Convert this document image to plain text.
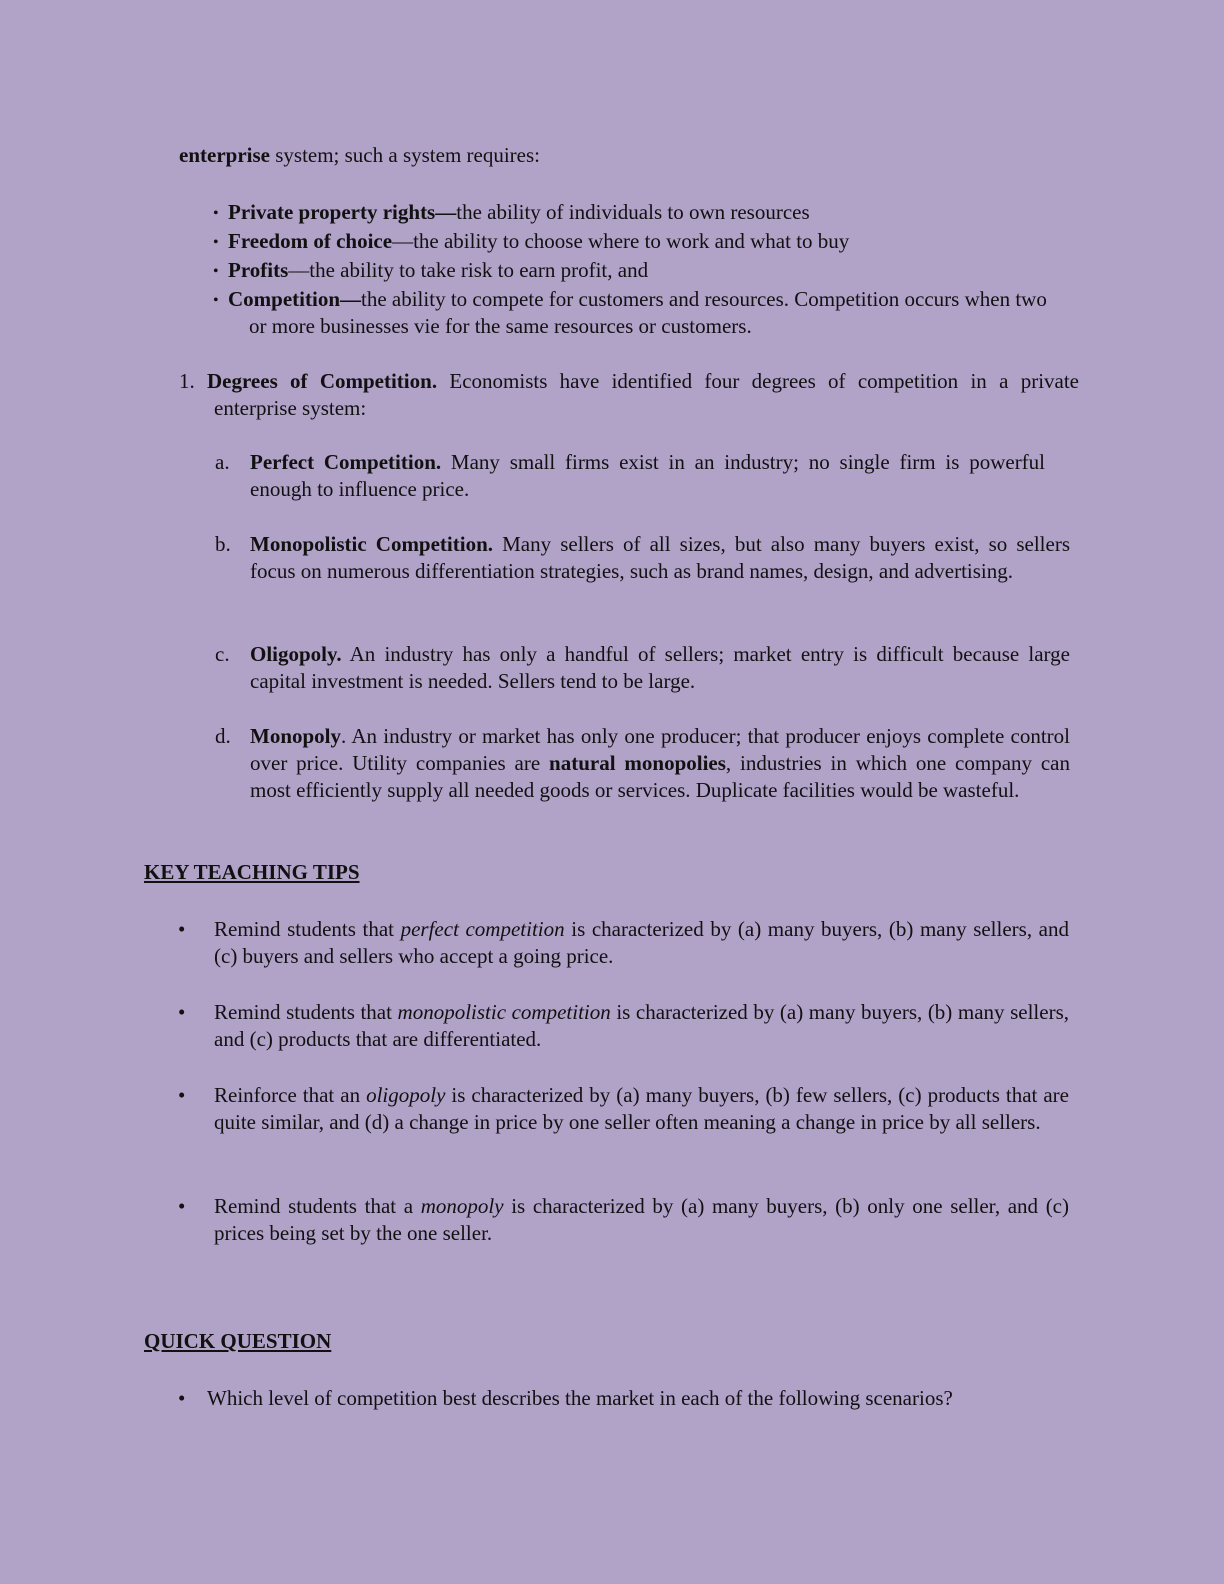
enterprise system; such a system requires:

• Private property rights—the ability of individuals to own resources
• Freedom of choice—the ability to choose where to work and what to buy
• Profits—the ability to take risk to earn profit, and
• Competition—the ability to compete for customers and resources. Competition occurs when two or more businesses vie for the same resources or customers.
1. Degrees of Competition. Economists have identified four degrees of competition in a private enterprise system:

a. Perfect Competition. Many small firms exist in an industry; no single firm is powerful enough to influence price.

b. Monopolistic Competition. Many sellers of all sizes, but also many buyers exist, so sellers focus on numerous differentiation strategies, such as brand names, design, and advertising.

c. Oligopoly. An industry has only a handful of sellers; market entry is difficult because large capital investment is needed. Sellers tend to be large.

d. Monopoly. An industry or market has only one producer; that producer enjoys complete control over price. Utility companies are natural monopolies, industries in which one company can most efficiently supply all needed goods or services. Duplicate facilities would be wasteful.

KEY TEACHING TIPS
• Remind students that perfect competition is characterized by (a) many buyers, (b) many sellers, and (c) buyers and sellers who accept a going price.

• Remind students that monopolistic competition is characterized by (a) many buyers, (b) many sellers, and (c) products that are differentiated.

• Reinforce that an oligopoly is characterized by (a) many buyers, (b) few sellers, (c) products that are quite similar, and (d) a change in price by one seller often meaning a change in price by all sellers.

• Remind students that a monopoly is characterized by (a) many buyers, (b) only one seller, and (c) prices being set by the one seller.

QUICK QUESTION
• Which level of competition best describes the market in each of the following scenarios?
